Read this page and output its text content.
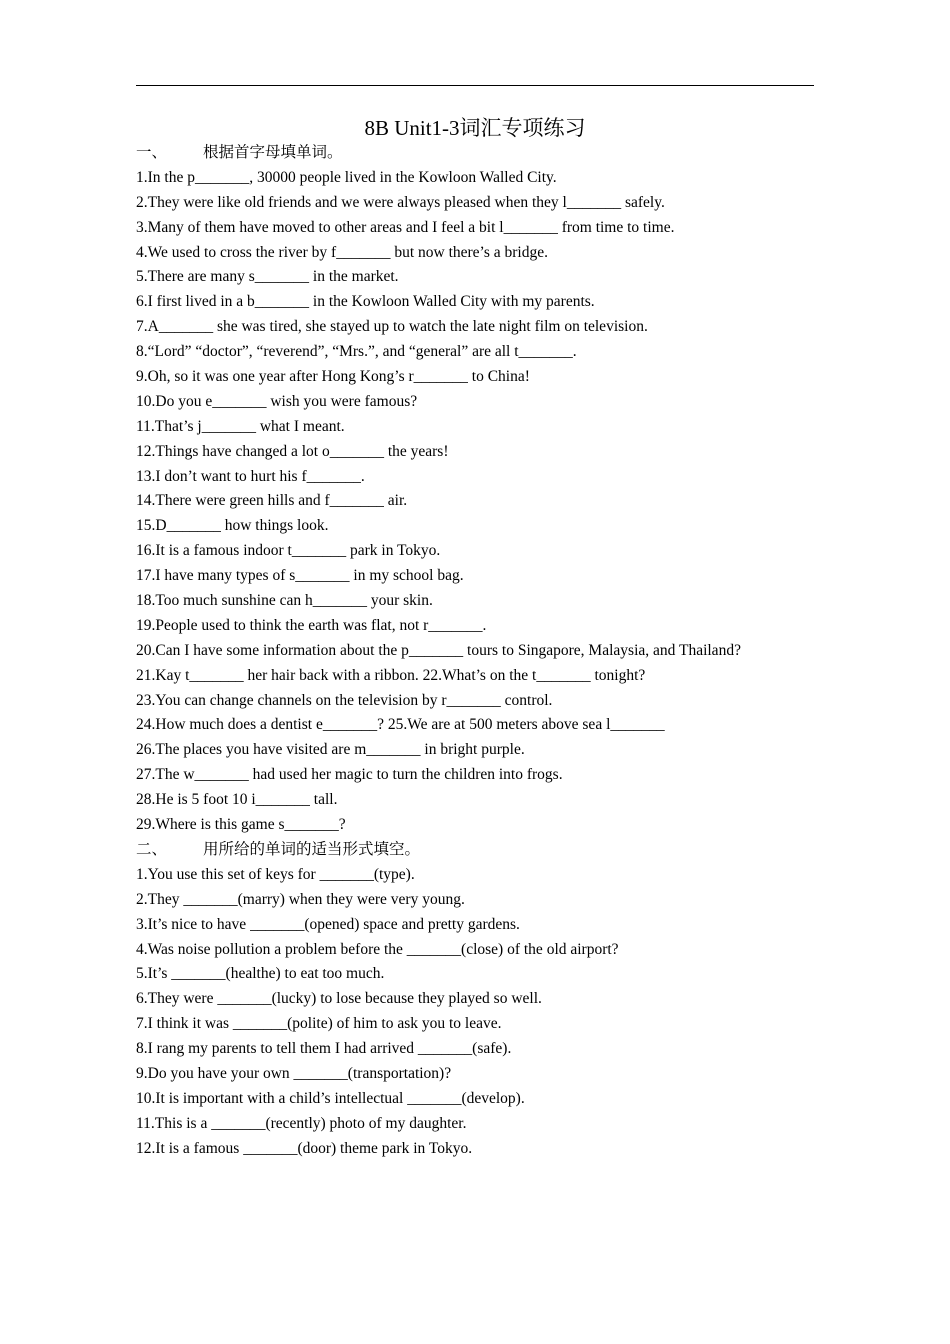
8B Unit1-3词汇专项练习
一、 根据首字母填单词。
1.In the p_______, 30000 people lived in the Kowloon Walled City.
2.They were like old friends and we were always pleased when they l_______ safely.
3.Many of them have moved to other areas and I feel a bit l_______ from time to time.
4.We used to cross the river by f_______ but now there’s a bridge.
5.There are many s_______ in the market.
6.I first lived in a b_______ in the Kowloon Walled City with my parents.
7.A_______ she was tired, she stayed up to watch the late night film on television.
8.“Lord” “doctor”, “reverend”, “Mrs.”, and “general” are all t_______.
9.Oh, so it was one year after Hong Kong’s r_______ to China!
10.Do you e_______ wish you were famous?
11.That’s j_______ what I meant.
12.Things have changed a lot o_______ the years!
13.I don’t want to hurt his f_______.
14.There were green hills and f_______ air.
15.D_______ how things look.
16.It is a famous indoor t_______ park in Tokyo.
17.I have many types of s_______ in my school bag.
18.Too much sunshine can h_______ your skin.
19.People used to think the earth was flat, not r_______.
20.Can I have some information about the p_______ tours to Singapore, Malaysia, and Thailand?
21.Kay t_______ her hair back with a ribbon. 22.What’s on the t_______ tonight?
23.You can change channels on the television by r_______ control.
24.How much does a dentist e_______? 25.We are at 500 meters above sea l_______
26.The places you have visited are m_______ in bright purple.
27.The w_______ had used her magic to turn the children into frogs.
28.He is 5 foot 10 i_______ tall.
29.Where is this game s_______?
二、 用所给的单词的适当形式填空。
1.You use this set of keys for _______(type).
2.They _______(marry) when they were very young.
3.It’s nice to have _______(opened) space and pretty gardens.
4.Was noise pollution a problem before the _______(close) of the old airport?
5.It’s _______(healthe) to eat too much.
6.They were _______(lucky) to lose because they played so well.
7.I think it was _______(polite) of him to ask you to leave.
8.I rang my parents to tell them I had arrived _______(safe).
9.Do you have your own _______(transportation)?
10.It is important with a child’s intellectual _______(develop).
11.This is a _______(recently) photo of my daughter.
12.It is a famous _______(door) theme park in Tokyo.
